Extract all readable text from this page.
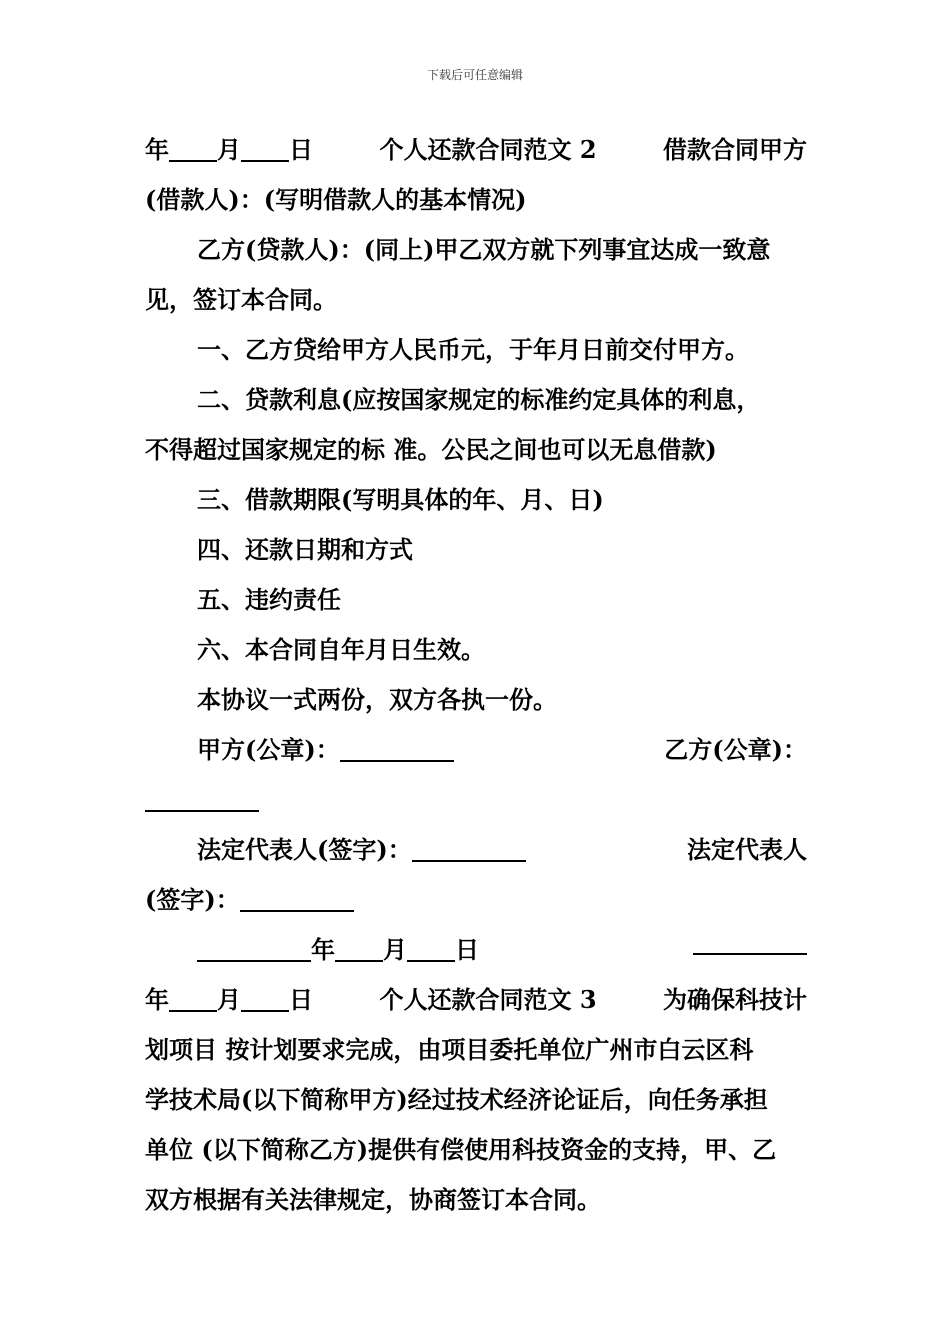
下载后可任意编辑
年 月 日	个人还款合同范文 2	借款合同甲方
(借款人)：(写明借款人的基本情况)
乙方(贷款人)：(同上)甲乙双方就下列事宜达成一致意
见，签订本合同。
一、乙方贷给甲方人民币元，于年月日前交付甲方。
二、贷款利息(应按国家规定的标准约定具体的利息，
不得超过国家规定的标 准。公民之间也可以无息借款)
三、借款期限(写明具体的年、月、日)
四、还款日期和方式
五、违约责任
六、本合同自年月日生效。
本协议一式两份，双方各执一份。
甲方(公章)：	乙方(公章)：
法定代表人(签字)：	法定代表人
(签字)：
年 月 日
年 月 日	个人还款合同范文 3	为确保科技计
划项目 按计划要求完成，由项目委托单位广州市白云区科
学技术局(以下简称甲方)经过技术经济论证后，向任务承担
单位 (以下简称乙方)提供有偿使用科技资金的支持，甲、乙
双方根据有关法律规定，协商签订本合同。
